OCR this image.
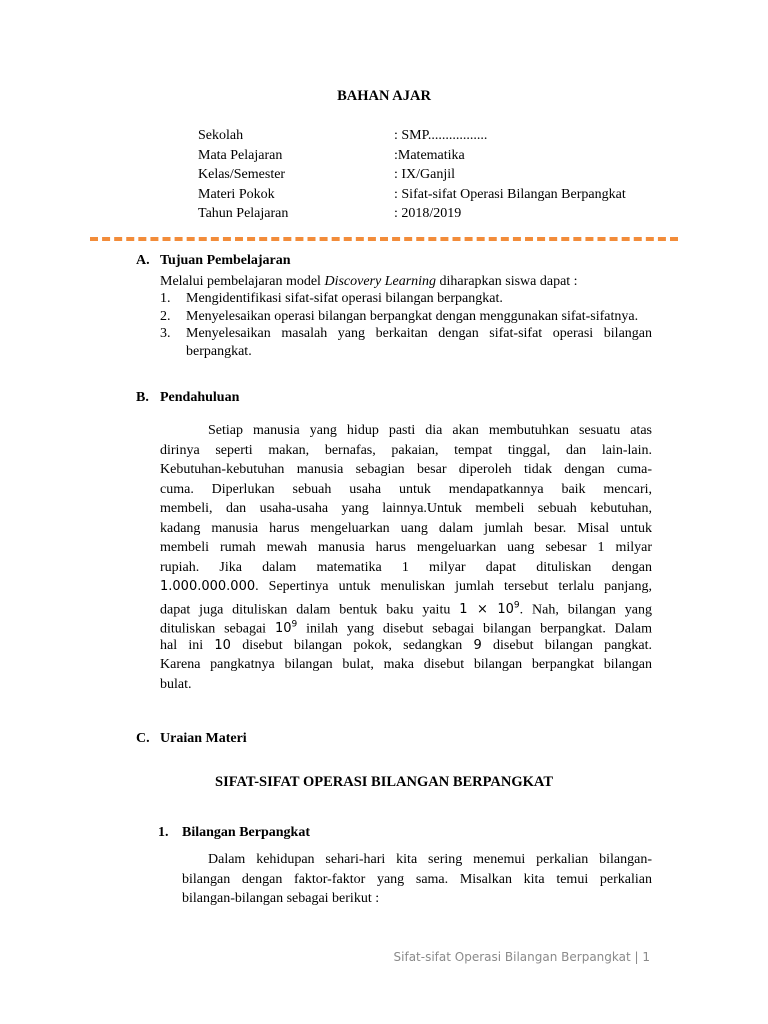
BAHAN AJAR
Sekolah	: SMP.................
Mata Pelajaran	:Matematika
Kelas/Semester	: IX/Ganjil
Materi Pokok	: Sifat-sifat Operasi Bilangan Berpangkat
Tahun Pelajaran	: 2018/2019
A. Tujuan Pembelajaran
Melalui pembelajaran model Discovery Learning diharapkan siswa dapat :
1.	Mengidentifikasi sifat-sifat operasi bilangan berpangkat.
2.	Menyelesaikan operasi bilangan berpangkat dengan menggunakan sifat-sifatnya.
3.	Menyelesaikan masalah yang berkaitan dengan sifat-sifat operasi bilangan berpangkat.
B. Pendahuluan
Setiap manusia yang hidup pasti dia akan membutuhkan sesuatu atas
dirinya seperti makan, bernafas, pakaian, tempat tinggal, dan lain-lain.
Kebutuhan-kebutuhan manusia sebagian besar diperoleh tidak dengan cuma-
cuma. Diperlukan sebuah usaha untuk mendapatkannya baik mencari,
membeli, dan usaha-usaha yang lainnya.Untuk membeli sebuah kebutuhan,
kadang manusia harus mengeluarkan uang dalam jumlah besar. Misal untuk
membeli rumah mewah manusia harus mengeluarkan uang sebesar 1 milyar
rupiah. Jika dalam matematika 1 milyar dapat dituliskan dengan
1.000.000.000. Sepertinya untuk menuliskan jumlah tersebut terlalu panjang,
dapat juga dituliskan dalam bentuk baku yaitu $1 \times 10^9$. Nah, bilangan yang
dituliskan sebagai $10^9$ inilah yang disebut sebagai bilangan berpangkat. Dalam
hal ini 10 disebut bilangan pokok, sedangkan 9 disebut bilangan pangkat.
Karena pangkatnya bilangan bulat, maka disebut bilangan berpangkat bilangan
bulat.
C. Uraian Materi
SIFAT-SIFAT OPERASI BILANGAN BERPANGKAT
1. Bilangan Berpangkat
Dalam kehidupan sehari-hari kita sering menemui perkalian bilangan-
bilangan dengan faktor-faktor yang sama. Misalkan kita temui perkalian
bilangan-bilangan sebagai berikut :
Sifat-sifat Operasi Bilangan Berpangkat | 1
